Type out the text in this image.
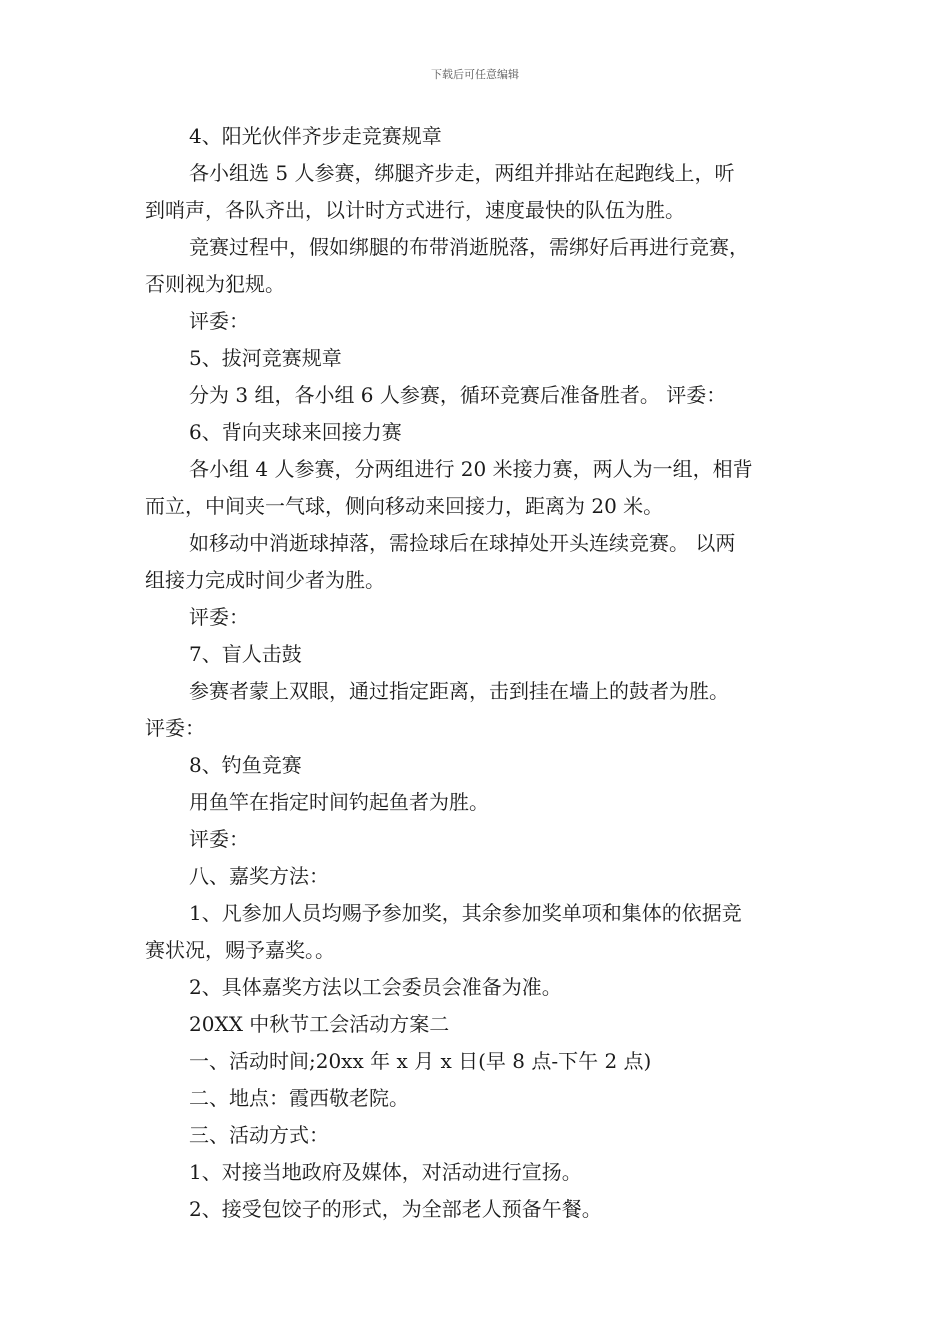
下载后可任意编辑
4、阳光伙伴齐步走竞赛规章
各小组选 5 人参赛，绑腿齐步走，两组并排站在起跑线上，听
到哨声，各队齐出，以计时方式进行，速度最快的队伍为胜。
竞赛过程中，假如绑腿的布带消逝脱落，需绑好后再进行竞赛，
否则视为犯规。
评委：
5、拔河竞赛规章
分为 3 组，各小组 6 人参赛，循环竞赛后准备胜者。 评委：
6、背向夹球来回接力赛
各小组 4 人参赛，分两组进行 20 米接力赛，两人为一组，相背
而立，中间夹一气球，侧向移动来回接力，距离为 20 米。
如移动中消逝球掉落，需捡球后在球掉处开头连续竞赛。 以两
组接力完成时间少者为胜。
评委：
7、盲人击鼓
参赛者蒙上双眼，通过指定距离，击到挂在墙上的鼓者为胜。
评委：
8、钓鱼竞赛
用鱼竿在指定时间钓起鱼者为胜。
评委：
八、嘉奖方法：
1、凡参加人员均赐予参加奖，其余参加奖单项和集体的依据竞
赛状况，赐予嘉奖。。
2、具体嘉奖方法以工会委员会准备为准。
20XX 中秋节工会活动方案二
一、活动时间;20xx 年 x 月 x 日(早 8 点-下午 2 点)
二、地点：霞西敬老院。
三、活动方式：
1、对接当地政府及媒体，对活动进行宣扬。
2、接受包饺子的形式，为全部老人预备午餐。
